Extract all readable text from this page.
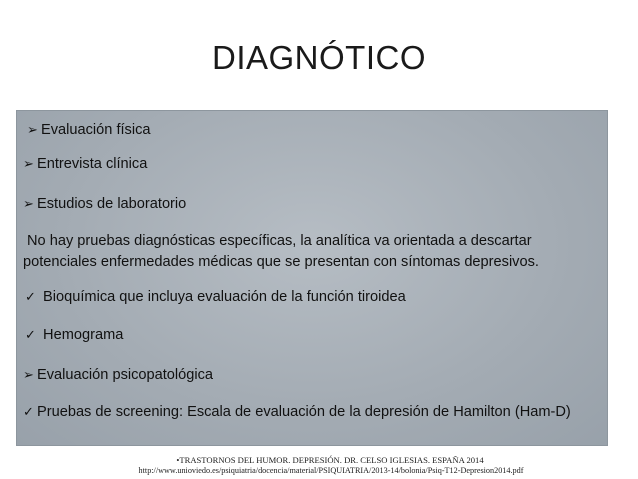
DIAGNÓTICO
➢ Evaluación física
➢ Entrevista clínica
➢ Estudios de laboratorio
No hay pruebas diagnósticas específicas, la analítica va orientada a descartar
potenciales enfermedades médicas que se presentan con síntomas depresivos.
✓ Bioquímica que incluya evaluación de la función tiroidea
✓ Hemograma
➢ Evaluación psicopatológica
✓ Pruebas de screening: Escala de evaluación de la depresión de Hamilton (Ham-D)
•TRASTORNOS DEL HUMOR. DEPRESIÓN. DR. CELSO IGLESIAS. ESPAÑA 2014
http://www.unioviedo.es/psiquiatria/docencia/material/PSIQUIATRIA/2013-14/bolonia/Psiq-T12-Depresion2014.pdf
